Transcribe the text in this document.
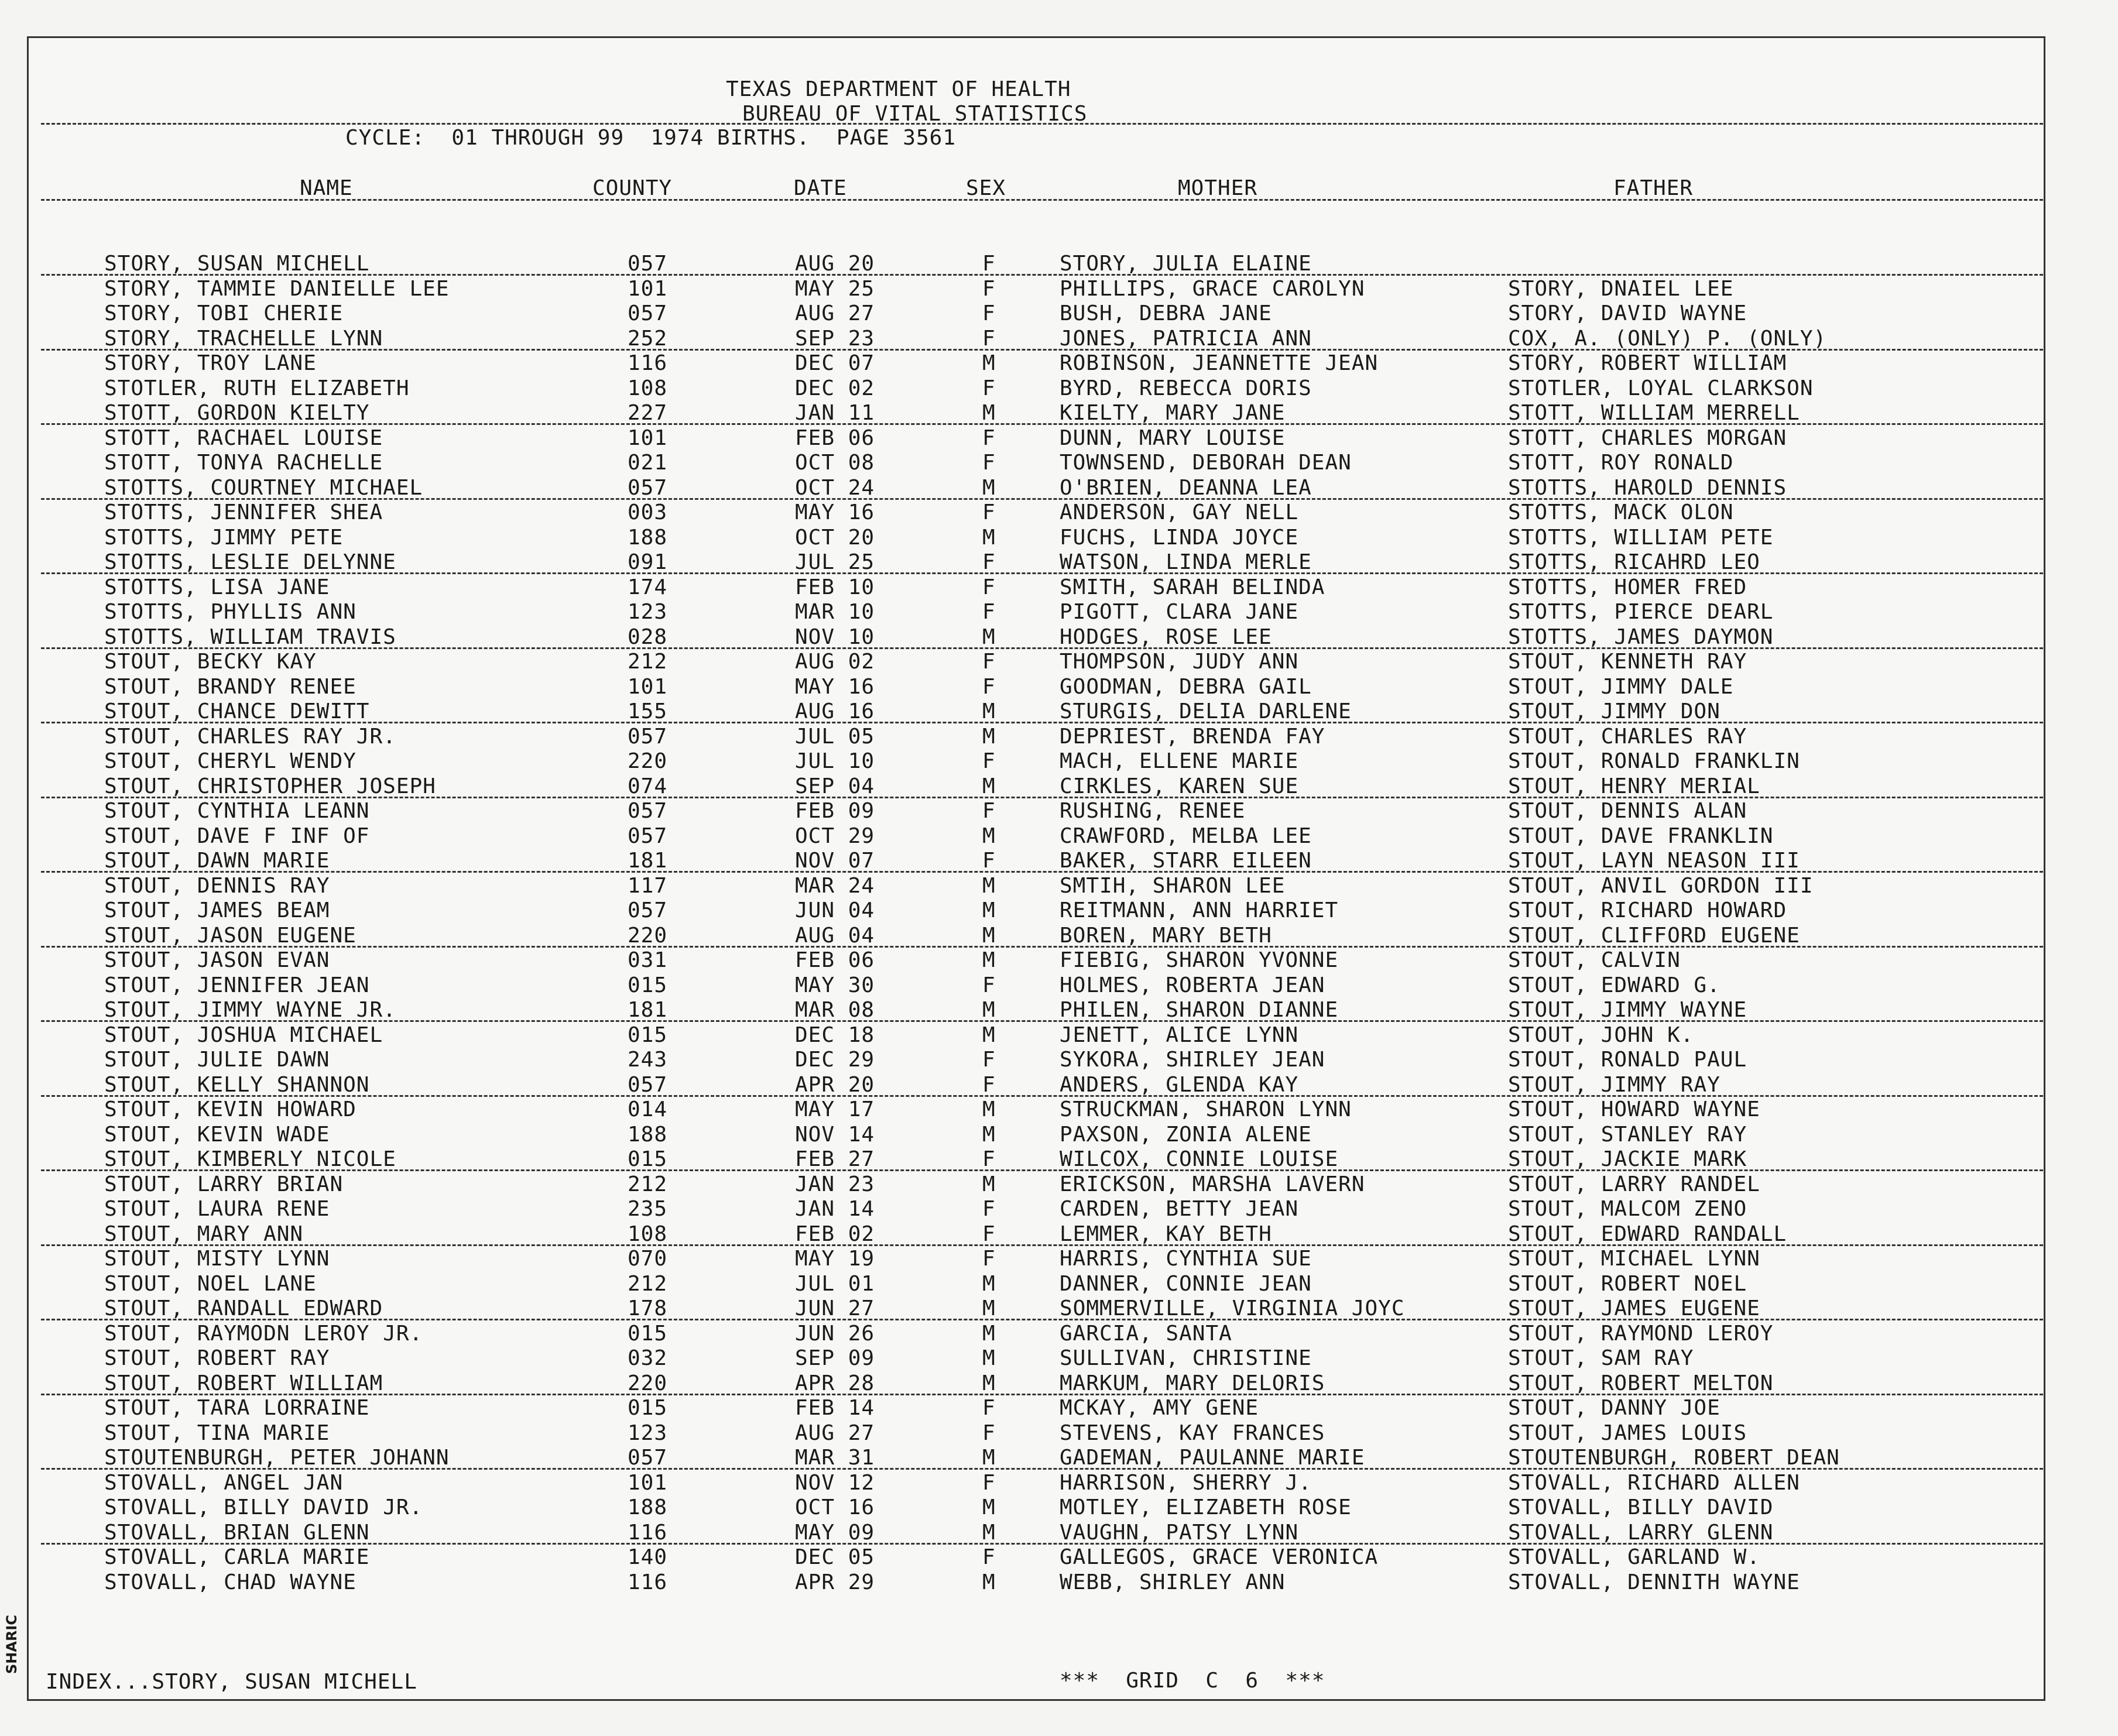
SHARIC
TEXAS DEPARTMENT OF HEALTH
BUREAU OF VITAL STATISTICS
CYCLE:  01 THROUGH 99  1974 BIRTHS.  PAGE 3561
NAME	COUNTY	DATE	SEX	MOTHER	FATHER
STORY, SUSAN MICHELL	057	AUG 20	F	STORY, JULIA ELAINE
STORY, TAMMIE DANIELLE LEE	101	MAY 25	F	PHILLIPS, GRACE CAROLYN	STORY, DNAIEL LEE
STORY, TOBI CHERIE	057	AUG 27	F	BUSH, DEBRA JANE	STORY, DAVID WAYNE
STORY, TRACHELLE LYNN	252	SEP 23	F	JONES, PATRICIA ANN	COX, A. (ONLY) P. (ONLY)
STORY, TROY LANE	116	DEC 07	M	ROBINSON, JEANNETTE JEAN	STORY, ROBERT WILLIAM
STOTLER, RUTH ELIZABETH	108	DEC 02	F	BYRD, REBECCA DORIS	STOTLER, LOYAL CLARKSON
STOTT, GORDON KIELTY	227	JAN 11	M	KIELTY, MARY JANE	STOTT, WILLIAM MERRELL
STOTT, RACHAEL LOUISE	101	FEB 06	F	DUNN, MARY LOUISE	STOTT, CHARLES MORGAN
STOTT, TONYA RACHELLE	021	OCT 08	F	TOWNSEND, DEBORAH DEAN	STOTT, ROY RONALD
STOTTS, COURTNEY MICHAEL	057	OCT 24	M	O'BRIEN, DEANNA LEA	STOTTS, HAROLD DENNIS
STOTTS, JENNIFER SHEA	003	MAY 16	F	ANDERSON, GAY NELL	STOTTS, MACK OLON
STOTTS, JIMMY PETE	188	OCT 20	M	FUCHS, LINDA JOYCE	STOTTS, WILLIAM PETE
STOTTS, LESLIE DELYNNE	091	JUL 25	F	WATSON, LINDA MERLE	STOTTS, RICAHRD LEO
STOTTS, LISA JANE	174	FEB 10	F	SMITH, SARAH BELINDA	STOTTS, HOMER FRED
STOTTS, PHYLLIS ANN	123	MAR 10	F	PIGOTT, CLARA JANE	STOTTS, PIERCE DEARL
STOTTS, WILLIAM TRAVIS	028	NOV 10	M	HODGES, ROSE LEE	STOTTS, JAMES DAYMON
STOUT, BECKY KAY	212	AUG 02	F	THOMPSON, JUDY ANN	STOUT, KENNETH RAY
STOUT, BRANDY RENEE	101	MAY 16	F	GOODMAN, DEBRA GAIL	STOUT, JIMMY DALE
STOUT, CHANCE DEWITT	155	AUG 16	M	STURGIS, DELIA DARLENE	STOUT, JIMMY DON
STOUT, CHARLES RAY JR.	057	JUL 05	M	DEPRIEST, BRENDA FAY	STOUT, CHARLES RAY
STOUT, CHERYL WENDY	220	JUL 10	F	MACH, ELLENE MARIE	STOUT, RONALD FRANKLIN
STOUT, CHRISTOPHER JOSEPH	074	SEP 04	M	CIRKLES, KAREN SUE	STOUT, HENRY MERIAL
STOUT, CYNTHIA LEANN	057	FEB 09	F	RUSHING, RENEE	STOUT, DENNIS ALAN
STOUT, DAVE F INF OF	057	OCT 29	M	CRAWFORD, MELBA LEE	STOUT, DAVE FRANKLIN
STOUT, DAWN MARIE	181	NOV 07	F	BAKER, STARR EILEEN	STOUT, LAYN NEASON III
STOUT, DENNIS RAY	117	MAR 24	M	SMTIH, SHARON LEE	STOUT, ANVIL GORDON III
STOUT, JAMES BEAM	057	JUN 04	M	REITMANN, ANN HARRIET	STOUT, RICHARD HOWARD
STOUT, JASON EUGENE	220	AUG 04	M	BOREN, MARY BETH	STOUT, CLIFFORD EUGENE
STOUT, JASON EVAN	031	FEB 06	M	FIEBIG, SHARON YVONNE	STOUT, CALVIN
STOUT, JENNIFER JEAN	015	MAY 30	F	HOLMES, ROBERTA JEAN	STOUT, EDWARD G.
STOUT, JIMMY WAYNE JR.	181	MAR 08	M	PHILEN, SHARON DIANNE	STOUT, JIMMY WAYNE
STOUT, JOSHUA MICHAEL	015	DEC 18	M	JENETT, ALICE LYNN	STOUT, JOHN K.
STOUT, JULIE DAWN	243	DEC 29	F	SYKORA, SHIRLEY JEAN	STOUT, RONALD PAUL
STOUT, KELLY SHANNON	057	APR 20	F	ANDERS, GLENDA KAY	STOUT, JIMMY RAY
STOUT, KEVIN HOWARD	014	MAY 17	M	STRUCKMAN, SHARON LYNN	STOUT, HOWARD WAYNE
STOUT, KEVIN WADE	188	NOV 14	M	PAXSON, ZONIA ALENE	STOUT, STANLEY RAY
STOUT, KIMBERLY NICOLE	015	FEB 27	F	WILCOX, CONNIE LOUISE	STOUT, JACKIE MARK
STOUT, LARRY BRIAN	212	JAN 23	M	ERICKSON, MARSHA LAVERN	STOUT, LARRY RANDEL
STOUT, LAURA RENE	235	JAN 14	F	CARDEN, BETTY JEAN	STOUT, MALCOM ZENO
STOUT, MARY ANN	108	FEB 02	F	LEMMER, KAY BETH	STOUT, EDWARD RANDALL
STOUT, MISTY LYNN	070	MAY 19	F	HARRIS, CYNTHIA SUE	STOUT, MICHAEL LYNN
STOUT, NOEL LANE	212	JUL 01	M	DANNER, CONNIE JEAN	STOUT, ROBERT NOEL
STOUT, RANDALL EDWARD	178	JUN 27	M	SOMMERVILLE, VIRGINIA JOYC	STOUT, JAMES EUGENE
STOUT, RAYMODN LEROY JR.	015	JUN 26	M	GARCIA, SANTA	STOUT, RAYMOND LEROY
STOUT, ROBERT RAY	032	SEP 09	M	SULLIVAN, CHRISTINE	STOUT, SAM RAY
STOUT, ROBERT WILLIAM	220	APR 28	M	MARKUM, MARY DELORIS	STOUT, ROBERT MELTON
STOUT, TARA LORRAINE	015	FEB 14	F	MCKAY, AMY GENE	STOUT, DANNY JOE
STOUT, TINA MARIE	123	AUG 27	F	STEVENS, KAY FRANCES	STOUT, JAMES LOUIS
STOUTENBURGH, PETER JOHANN	057	MAR 31	M	GADEMAN, PAULANNE MARIE	STOUTENBURGH, ROBERT DEAN
STOVALL, ANGEL JAN	101	NOV 12	F	HARRISON, SHERRY J.	STOVALL, RICHARD ALLEN
STOVALL, BILLY DAVID JR.	188	OCT 16	M	MOTLEY, ELIZABETH ROSE	STOVALL, BILLY DAVID
STOVALL, BRIAN GLENN	116	MAY 09	M	VAUGHN, PATSY LYNN	STOVALL, LARRY GLENN
STOVALL, CARLA MARIE	140	DEC 05	F	GALLEGOS, GRACE VERONICA	STOVALL, GARLAND W.
STOVALL, CHAD WAYNE	116	APR 29	M	WEBB, SHIRLEY ANN	STOVALL, DENNITH WAYNE
INDEX...STORY, SUSAN MICHELL	***  GRID  C  6  ***
